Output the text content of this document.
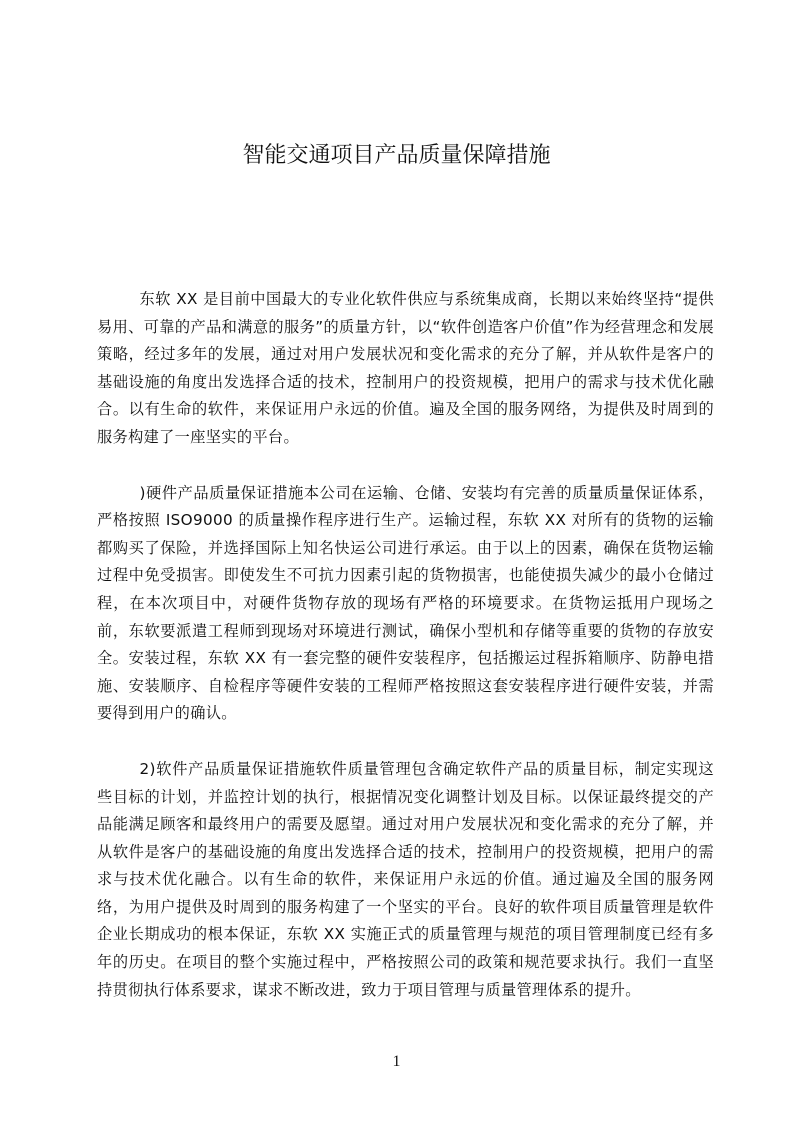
智能交通项目产品质量保障措施

东软 XX 是目前中国最大的专业化软件供应与系统集成商，长期以来始终坚持“提供易用、可靠的产品和满意的服务”的质量方针，以“软件创造客户价值”作为经营理念和发展策略，经过多年的发展，通过对用户发展状况和变化需求的充分了解，并从软件是客户的基础设施的角度出发选择合适的技术，控制用户的投资规模，把用户的需求与技术优化融合。以有生命的软件，来保证用户永远的价值。遍及全国的服务网络，为提供及时周到的服务构建了一座坚实的平台。

)硬件产品质量保证措施本公司在运输、仓储、安装均有完善的质量质量保证体系，严格按照 ISO9000 的质量操作程序进行生产。运输过程，东软 XX 对所有的货物的运输都购买了保险，并选择国际上知名快运公司进行承运。由于以上的因素，确保在货物运输过程中免受损害。即使发生不可抗力因素引起的货物损害，也能使损失减少的最小仓储过程，在本次项目中，对硬件货物存放的现场有严格的环境要求。在货物运抵用户现场之前，东软要派遣工程师到现场对环境进行测试，确保小型机和存储等重要的货物的存放安全。安装过程，东软 XX 有一套完整的硬件安装程序，包括搬运过程拆箱顺序、防静电措施、安装顺序、自检程序等硬件安装的工程师严格按照这套安装程序进行硬件安装，并需要得到用户的确认。

2)软件产品质量保证措施软件质量管理包含确定软件产品的质量目标，制定实现这些目标的计划，并监控计划的执行，根据情况变化调整计划及目标。以保证最终提交的产品能满足顾客和最终用户的需要及愿望。通过对用户发展状况和变化需求的充分了解，并从软件是客户的基础设施的角度出发选择合适的技术，控制用户的投资规模，把用户的需求与技术优化融合。以有生命的软件，来保证用户永远的价值。通过遍及全国的服务网络，为用户提供及时周到的服务构建了一个坚实的平台。良好的软件项目质量管理是软件企业长期成功的根本保证，东软 XX 实施正式的质量管理与规范的项目管理制度已经有多年的历史。在项目的整个实施过程中，严格按照公司的政策和规范要求执行。我们一直坚持贯彻执行体系要求，谋求不断改进，致力于项目管理与质量管理体系的提升。

1
